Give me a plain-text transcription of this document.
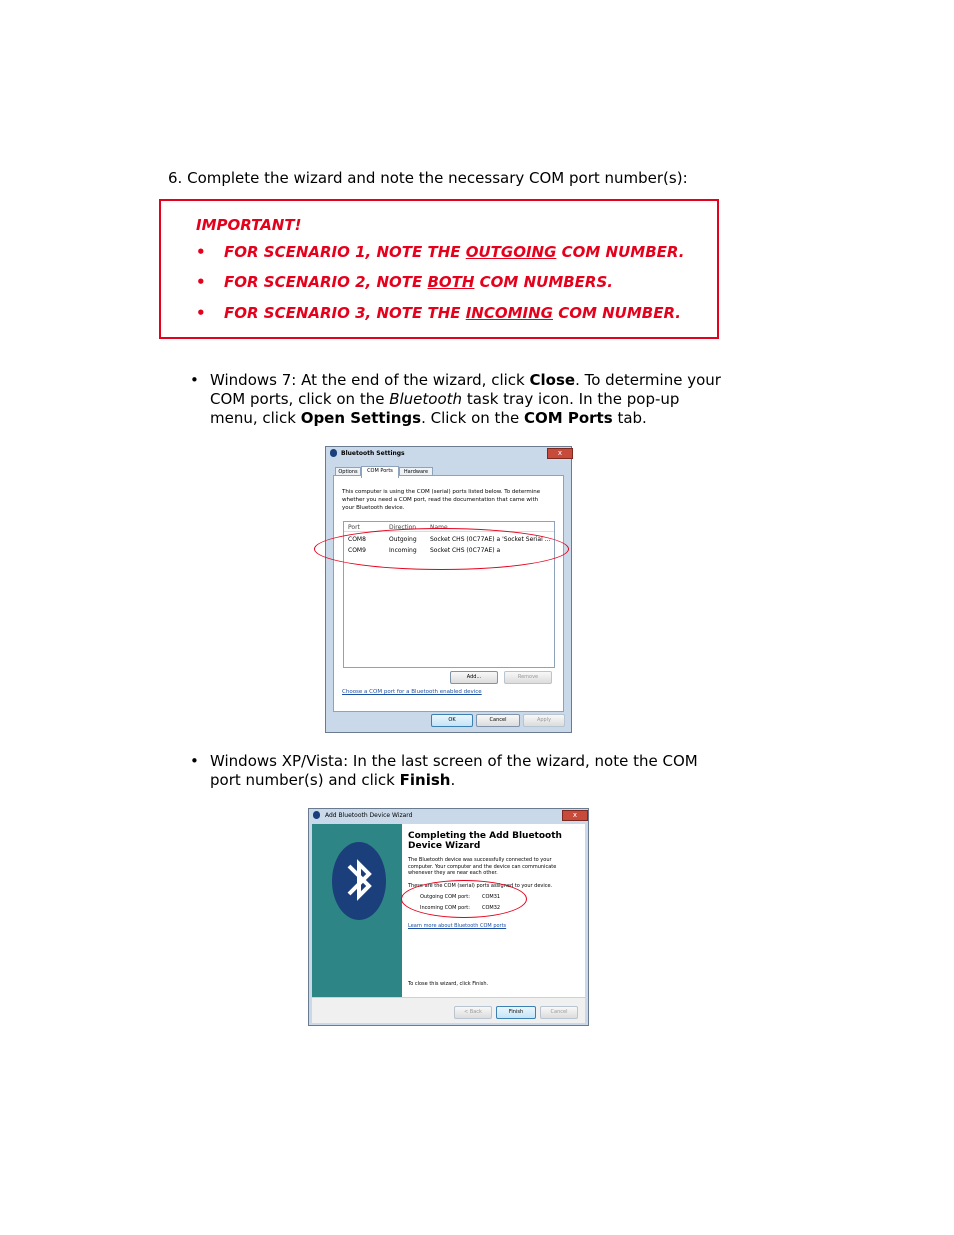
6. Complete the wizard and note the necessary COM port number(s):
IMPORTANT!
• FOR SCENARIO 1, NOTE THE OUTGOING COM NUMBER.
• FOR SCENARIO 2, NOTE BOTH COM NUMBERS.
• FOR SCENARIO 3, NOTE THE INCOMING COM NUMBER.
• Windows 7: At the end of the wizard, click Close. To determine your COM ports, click on the Bluetooth task tray icon. In the pop-up menu, click Open Settings. Click on the COM Ports tab.
Bluetooth Settings	x
Options	COM Ports	Hardware
This computer is using the COM (serial) ports listed below. To determine whether you need a COM port, read the documentation that came with your Bluetooth device.
Port	Direction Name
COM8	Outgoing Socket CHS (0C77AE) a 'Socket Serial ...
COM9	Incoming Socket CHS (0C77AE) a
Add...	Remove
Choose a COM port for a Bluetooth enabled device
OK	Cancel	Apply
• Windows XP/Vista: In the last screen of the wizard, note the COM port number(s) and click Finish.
Add Bluetooth Device Wizard	x
Completing the Add Bluetooth Device Wizard
The Bluetooth device was successfully connected to your computer. Your computer and the device can communicate whenever they are near each other.
These are the COM (serial) ports assigned to your device.
Outgoing COM port: COM31
Incoming COM port: COM32
Learn more about Bluetooth COM ports
To close this wizard, click Finish.
< Back	Finish	Cancel
